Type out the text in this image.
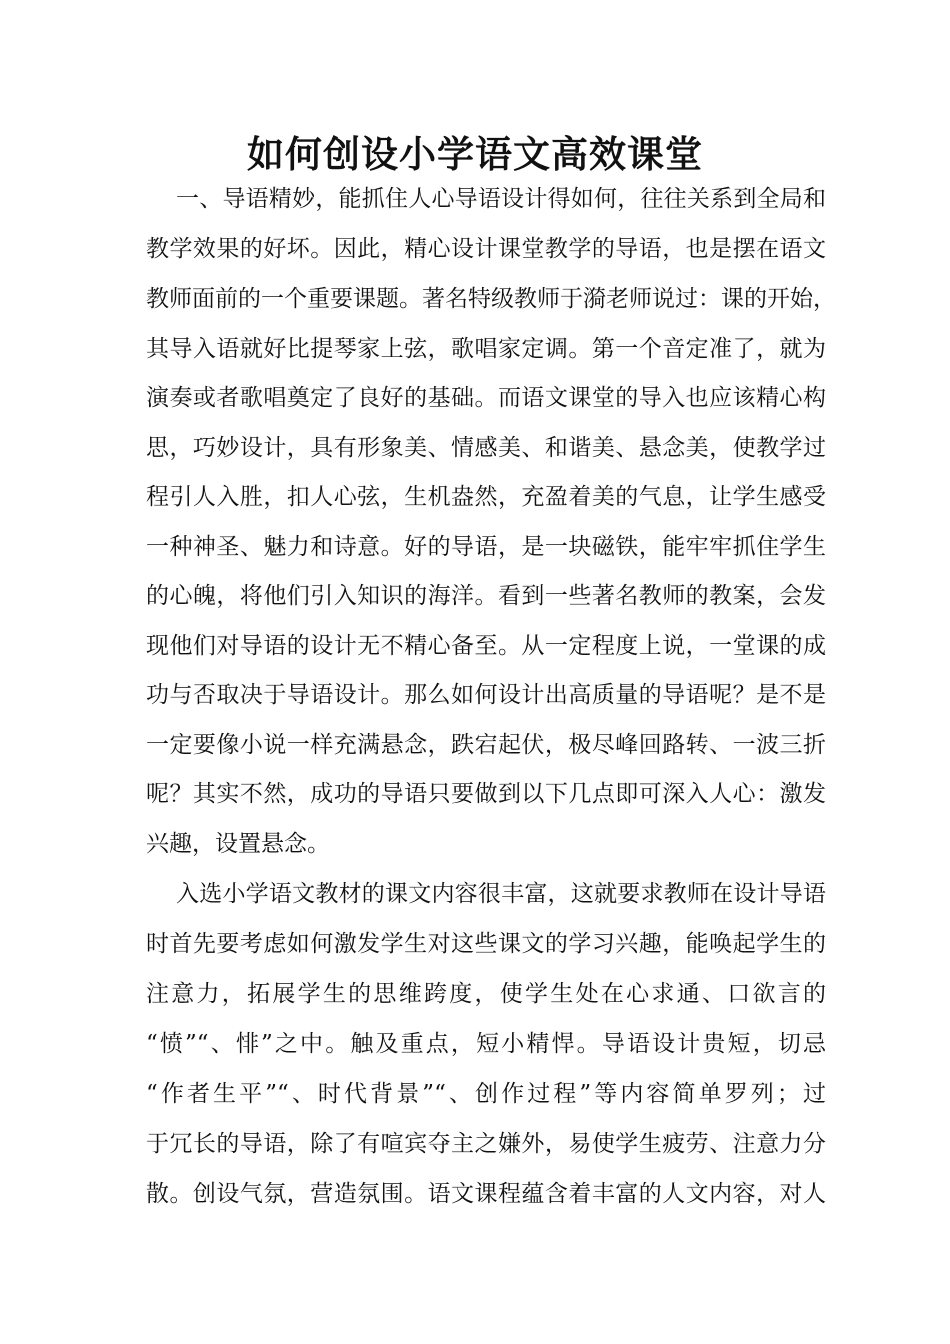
如何创设小学语文高效课堂
一、导语精妙，能抓住人心导语设计得如何，往往关系到全局和
教学效果的好坏。因此，精心设计课堂教学的导语，也是摆在语文
教师面前的一个重要课题。著名特级教师于漪老师说过：课的开始，
其导入语就好比提琴家上弦，歌唱家定调。第一个音定准了，就为
演奏或者歌唱奠定了良好的基础。而语文课堂的导入也应该精心构
思，巧妙设计，具有形象美、情感美、和谐美、悬念美，使教学过
程引人入胜，扣人心弦，生机盎然，充盈着美的气息，让学生感受
一种神圣、魅力和诗意。好的导语，是一块磁铁，能牢牢抓住学生
的心魄，将他们引入知识的海洋。看到一些著名教师的教案，会发
现他们对导语的设计无不精心备至。从一定程度上说，一堂课的成
功与否取决于导语设计。那么如何设计出高质量的导语呢？是不是
一定要像小说一样充满悬念，跌宕起伏，极尽峰回路转、一波三折
呢？其实不然，成功的导语只要做到以下几点即可深入人心：激发
兴趣，设置悬念。
入选小学语文教材的课文内容很丰富，这就要求教师在设计导语
时首先要考虑如何激发学生对这些课文的学习兴趣，能唤起学生的
注意力，拓展学生的思维跨度，使学生处在心求通、口欲言的
“愤”“、悱”之中。触及重点，短小精悍。导语设计贵短，切忌
“作者生平”“、时代背景”“、创作过程”等内容简单罗列；过
于冗长的导语，除了有喧宾夺主之嫌外，易使学生疲劳、注意力分
散。创设气氛，营造氛围。语文课程蕴含着丰富的人文内容，对人
